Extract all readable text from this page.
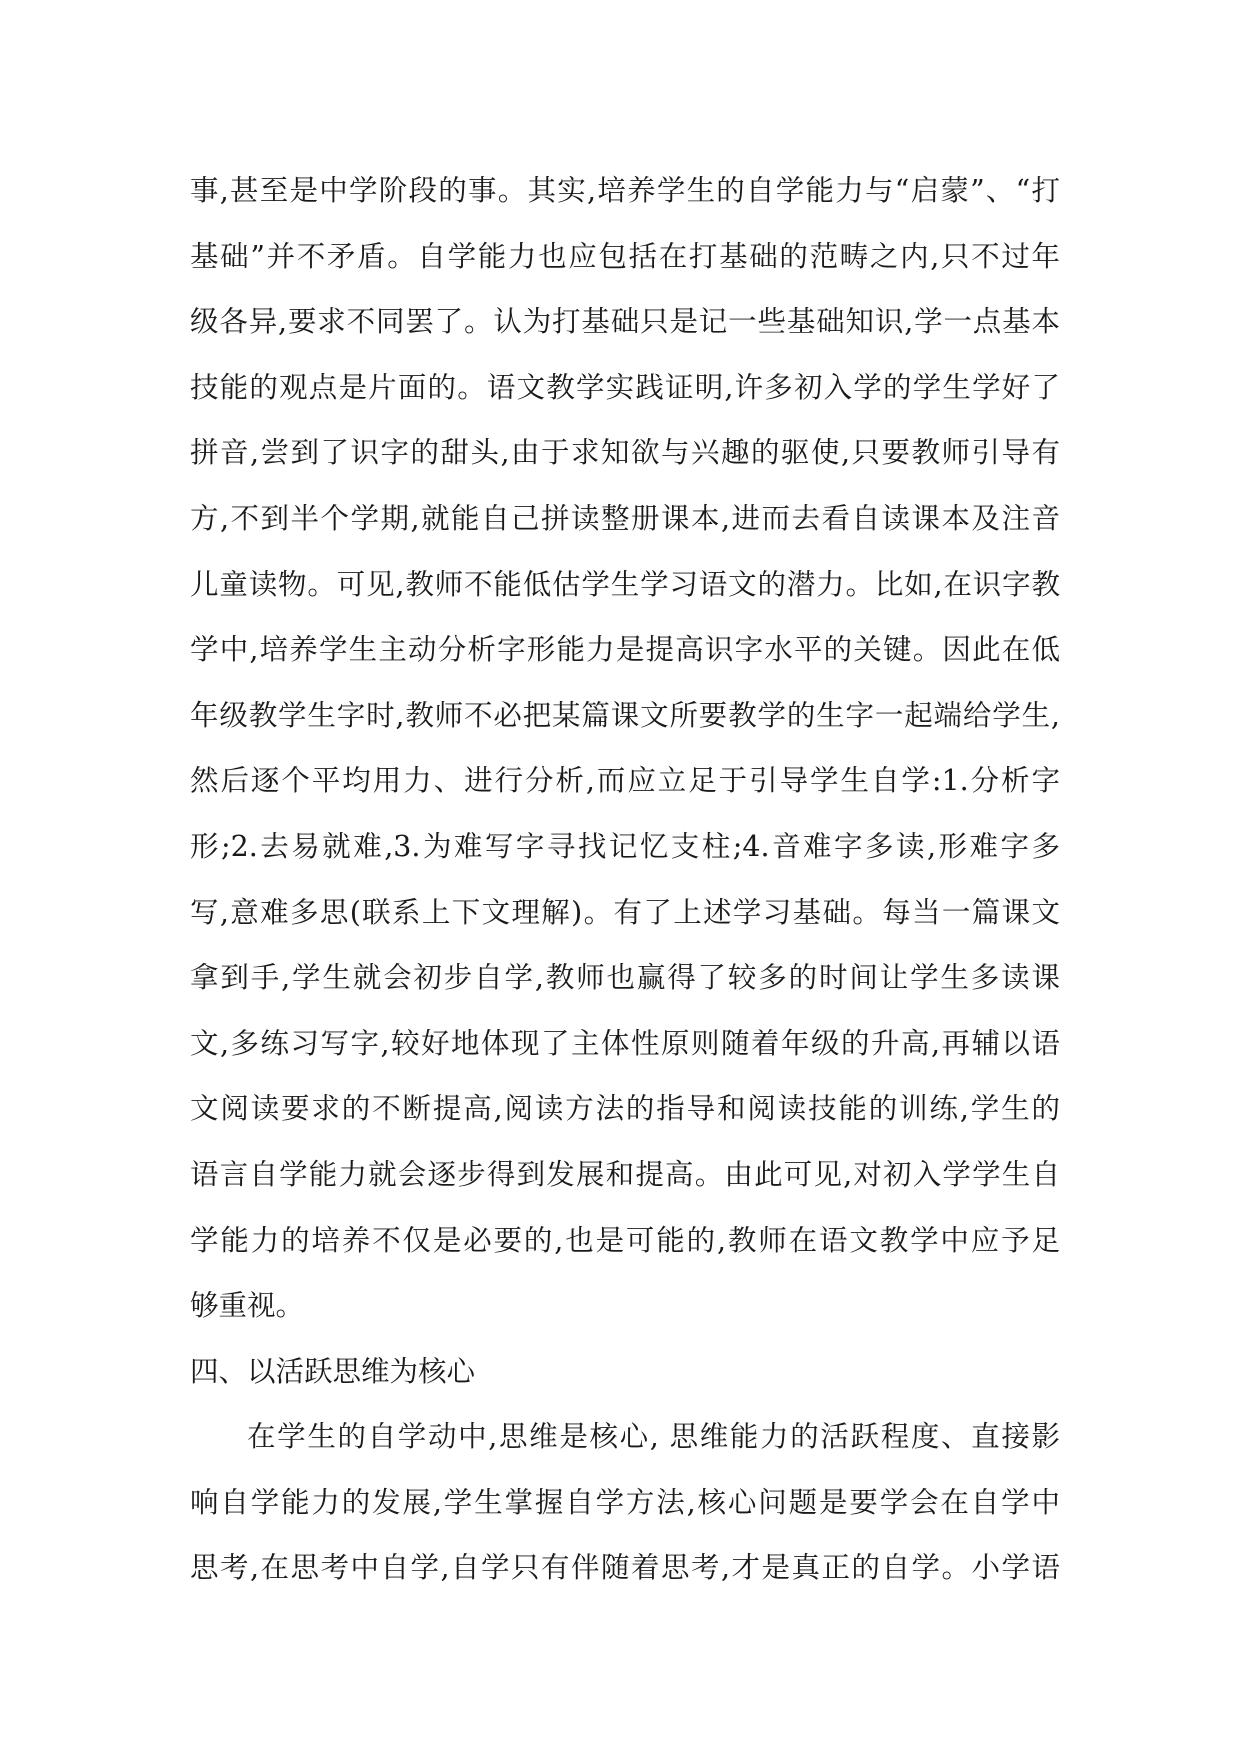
事,甚至是中学阶段的事。其实,培养学生的自学能力与“启蒙”、“打
基础”并不矛盾。自学能力也应包括在打基础的范畴之内,只不过年
级各异,要求不同罢了。认为打基础只是记一些基础知识,学一点基本
技能的观点是片面的。语文教学实践证明,许多初入学的学生学好了
拼音,尝到了识字的甜头,由于求知欲与兴趣的驱使,只要教师引导有
方,不到半个学期,就能自己拼读整册课本,进而去看自读课本及注音
儿童读物。可见,教师不能低估学生学习语文的潜力。比如,在识字教
学中,培养学生主动分析字形能力是提高识字水平的关键。因此在低
年级教学生字时,教师不必把某篇课文所要教学的生字一起端给学生,
然后逐个平均用力、进行分析,而应立足于引导学生自学:1.分析字
形;2.去易就难,3.为难写字寻找记忆支柱;4.音难字多读,形难字多
写,意难多思(联系上下文理解)。有了上述学习基础。每当一篇课文
拿到手,学生就会初步自学,教师也赢得了较多的时间让学生多读课
文,多练习写字,较好地体现了主体性原则随着年级的升高,再辅以语
文阅读要求的不断提高,阅读方法的指导和阅读技能的训练,学生的
语言自学能力就会逐步得到发展和提高。由此可见,对初入学学生自
学能力的培养不仅是必要的,也是可能的,教师在语文教学中应予足
够重视。
四、以活跃思维为核心
在学生的自学动中,思维是核心, 思维能力的活跃程度、直接影
响自学能力的发展,学生掌握自学方法,核心问题是要学会在自学中
思考,在思考中自学,自学只有伴随着思考,才是真正的自学。小学语
